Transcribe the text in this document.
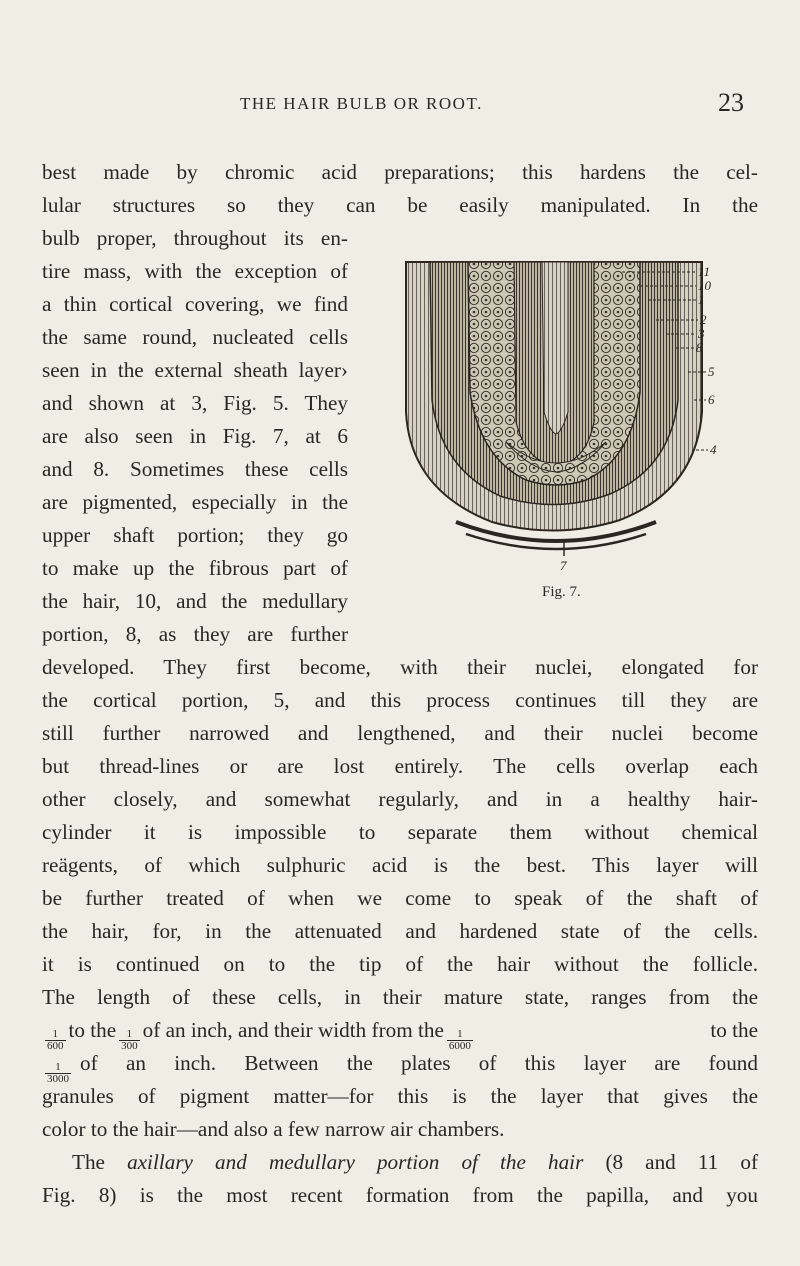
THE HAIR BULB OR ROOT.	23
best made by chromic acid preparations; this hardens the cel-
lular structures so they can be easily manipulated. In the
bulb proper, throughout its en-
tire mass, with the exception of
a thin cortical covering, we find
the same round, nucleated cells
seen in the external sheath layer›
and shown at 3, Fig. 5. They
are also seen in Fig. 7, at 6
and 8. Sometimes these cells
are pigmented, especially in the
upper shaft portion; they go
to make up the fibrous part of
the hair, 10, and the medullary
portion, 8, as they are further
developed. They first become, with their nuclei, elongated for
the cortical portion, 5, and this process continues till they are
still further narrowed and lengthened, and their nuclei become
but thread-lines or are lost entirely. The cells overlap each
other closely, and somewhat regularly, and in a healthy hair-
cylinder it is impossible to separate them without chemical
reägents, of which sulphuric acid is the best. This layer will
be further treated of when we come to speak of the shaft of
the hair, for, in the attenuated and hardened state of the cells.
it is continued on to the tip of the hair without the follicle.
The length of these cells, in their mature state, ranges from the
$\frac{1}{600}$ to the $\frac{1}{300}$ of an inch, and their width from the $\frac{1}{6000}$	to the
$\frac{1}{3000}$ of an inch. Between the plates of this layer are found
granules of pigment matter—for this is the layer that gives the
color to the hair—and also a few narrow air chambers.
The axillary and medullary portion of the hair (8 and 11 of
Fig. 8) is the most recent formation from the papilla, and you
11
10
1
2
3
8
5
6
4
7
Fig. 7.
